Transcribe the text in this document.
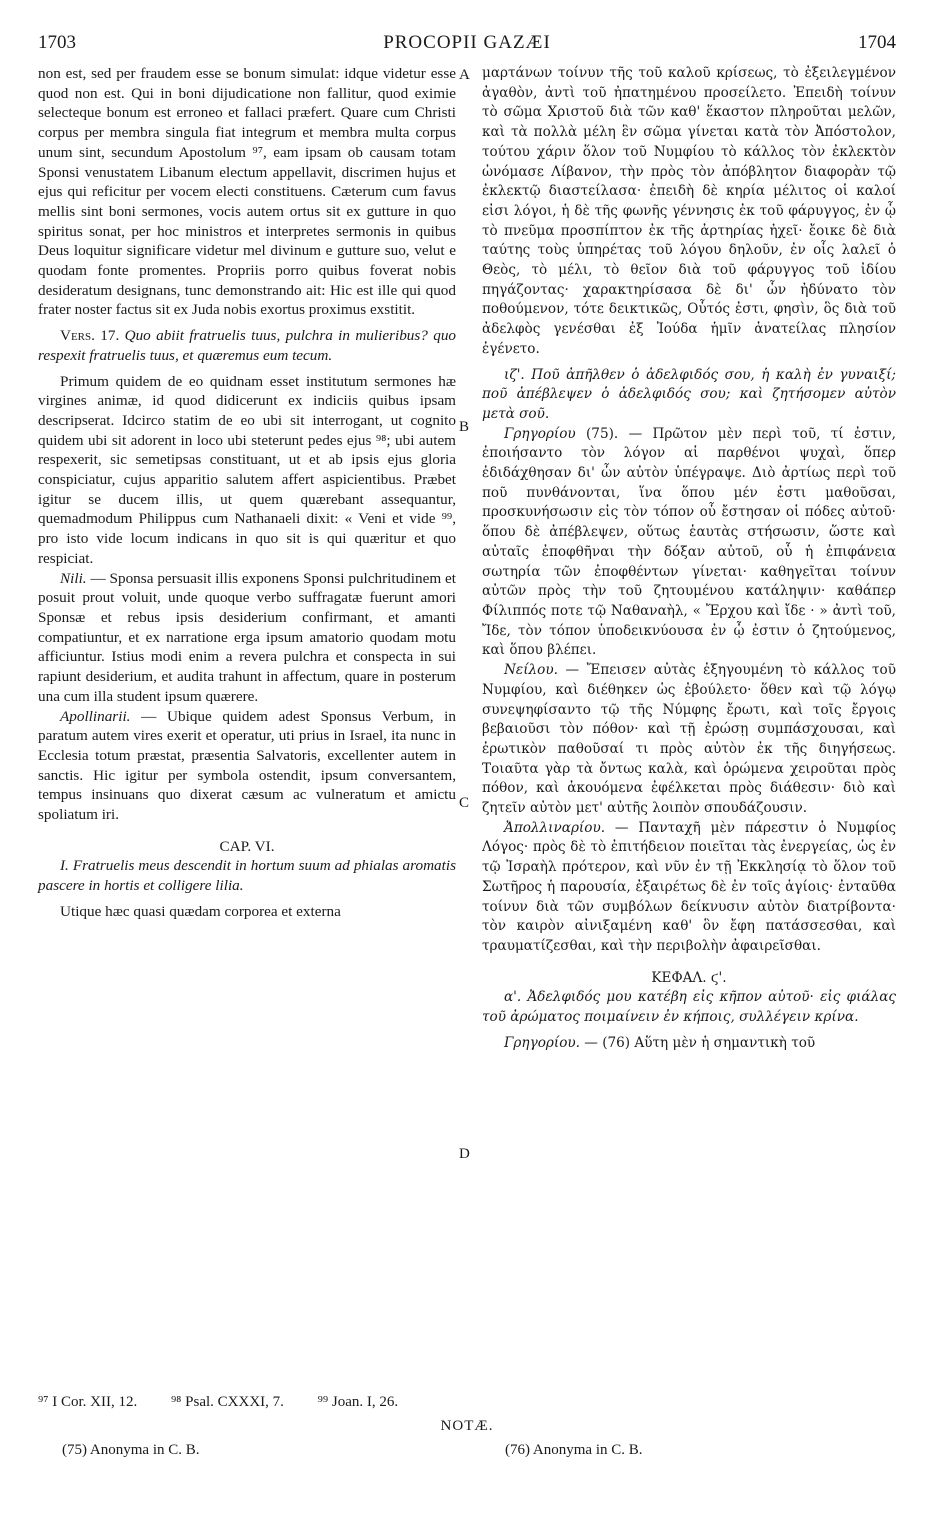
1703	PROCOPII GAZÆI	1704
A
B
C
D

non est, sed per fraudem esse se bonum simulat: idque videtur esse quod non est. Qui in boni dijudicatione non fallitur, quod eximie selecteque bonum est erroneo et fallaci præfert. Quare cum Christi corpus per membra singula fiat integrum et membra multa corpus unum sint, secundum Apostolum ⁹⁷, eam ipsam ob causam totam Sponsi venustatem Libanum electum appellavit, discrimen hujus et ejus qui reficitur per vocem electi constituens. Cæterum cum favus mellis sint boni sermones, vocis autem ortus sit ex gutture in quo spiritus sonat, per hoc ministros et interpretes sermonis in quibus Deus loquitur significare videtur mel divinum e gutture suo, velut e quodam fonte promentes. Propriis porro quibus foverat nobis desideratum designans, tunc demonstrando ait: Hic est ille qui quod frater noster factus sit ex Juda nobis exortus proximus exstitit.

Vers. 17. Quo abiit fratruelis tuus, pulchra in mulieribus? quo respexit fratruelis tuus, et quæremus eum tecum.

Primum quidem de eo quidnam esset institutum sermones hæ virgines animæ, id quod didicerunt ex indiciis quibus ipsam descripserat. Idcirco statim de eo ubi sit interrogant, ut cognito quidem ubi sit adorent in loco ubi steterunt pedes ejus ⁹⁸; ubi autem respexerit, sic semetipsas constituant, ut et ab ipsis ejus gloria conspiciatur, cujus apparitio salutem affert aspicientibus. Præbet igitur se ducem illis, ut quem quærebant assequantur, quemadmodum Philippus cum Nathanaeli dixit: « Veni et vide ⁹⁹, pro isto vide locum indicans in quo sit is qui quæritur et quo respiciat.

Nili. — Sponsa persuasit illis exponens Sponsi pulchritudinem et posuit prout voluit, unde quoque verbo suffragatæ fuerunt amori Sponsæ et rebus ipsis desiderium confirmant, et amanti compatiuntur, et ex narratione erga ipsum amatorio quodam motu afficiuntur. Istius modi enim a revera pulchra et conspecta in sui rapiunt desiderium, et audita trahunt in affectum, quare in posterum una cum illa student ipsum quærere.

Apollinarii. — Ubique quidem adest Sponsus Verbum, in paratum autem vires exerit et operatur, uti prius in Israel, ita nunc in Ecclesia totum præstat, præsentia Salvatoris, excellenter autem in sanctis. Hic igitur per symbola ostendit, ipsum conversantem, tempus insinuans quo dixerat cæsum ac vulneratum et amictu spoliatum iri.

CAP. VI.

I. Fratruelis meus descendit in hortum suum ad phialas aromatis pascere in hortis et colligere lilia.

Utique hæc quasi quædam corporea et externa

μαρτάνων τοίνυν τῆς τοῦ καλοῦ κρίσεως, τὸ ἐξειλεγμένον ἀγαθὸν, ἀντὶ τοῦ ἠπατημένου προσείλετο. Ἐπειδὴ τοίνυν τὸ σῶμα Χριστοῦ διὰ τῶν καθ' ἕκαστον πληροῦται μελῶν, καὶ τὰ πολλὰ μέλη ἓν σῶμα γίνεται κατὰ τὸν Ἀπόστολον, τούτου χάριν ὅλον τοῦ Νυμφίου τὸ κάλλος τὸν ἐκλεκτὸν ὠνόμασε Λίβανον, τὴν πρὸς τὸν ἀπόβλητον διαφορὰν τῷ ἐκλεκτῷ διαστείλασα· ἐπειδὴ δὲ κηρία μέλιτος οἱ καλοί εἰσι λόγοι, ἡ δὲ τῆς φωνῆς γέννησις ἐκ τοῦ φάρυγγος, ἐν ᾧ τὸ πνεῦμα προσπίπτον ἐκ τῆς ἀρτηρίας ἠχεῖ· ἔοικε δὲ διὰ ταύτης τοὺς ὑπηρέτας τοῦ λόγου δηλοῦν, ἐν οἷς λαλεῖ ὁ Θεὸς, τὸ μέλι, τὸ θεῖον διὰ τοῦ φάρυγγος τοῦ ἰδίου πηγάζοντας· χαρακτηρίσασα δὲ δι' ὧν ἠδύνατο τὸν ποθούμενον, τότε δεικτικῶς, Οὗτός ἐστι, φησὶν, ὃς διὰ τοῦ ἀδελφὸς γενέσθαι ἐξ Ἰούδα ἡμῖν ἀνατείλας πλησίον ἐγένετο.

ιζ'. Ποῦ ἀπῆλθεν ὁ ἀδελφιδός σου, ἡ καλὴ ἐν γυναιξί; ποῦ ἀπέβλεψεν ὁ ἀδελφιδός σου; καὶ ζητήσομεν αὐτὸν μετὰ σοῦ.

Γρηγορίου (75). — Πρῶτον μὲν περὶ τοῦ, τί ἐστιν, ἐποιήσαντο τὸν λόγον αἱ παρθένοι ψυχαὶ, ὅπερ ἐδιδάχθησαν δι' ὧν αὐτὸν ὑπέγραψε. Διὸ ἀρτίως περὶ τοῦ ποῦ πυνθάνονται, ἵνα ὅπου μέν ἐστι μαθοῦσαι, προσκυνήσωσιν εἰς τὸν τόπον οὗ ἔστησαν οἱ πόδες αὐτοῦ· ὅπου δὲ ἀπέβλεψεν, οὕτως ἑαυτὰς στήσωσιν, ὥστε καὶ αὐταῖς ἐποφθῆναι τὴν δόξαν αὐτοῦ, οὗ ἡ ἐπιφάνεια σωτηρία τῶν ἐποφθέντων γίνεται· καθηγεῖται τοίνυν αὐτῶν πρὸς τὴν τοῦ ζητουμένου κατάληψιν· καθάπερ Φίλιππός ποτε τῷ Ναθαναὴλ, « Ἔρχου καὶ ἴδε · » ἀντὶ τοῦ, Ἴδε, τὸν τόπον ὑποδεικνύουσα ἐν ᾧ ἐστιν ὁ ζητούμενος, καὶ ὅπου βλέπει.

Νείλου. — Ἔπεισεν αὐτὰς ἐξηγουμένη τὸ κάλλος τοῦ Νυμφίου, καὶ διέθηκεν ὡς ἐβούλετο· ὅθεν καὶ τῷ λόγῳ συνεψηφίσαντο τῷ τῆς Νύμφης ἔρωτι, καὶ τοῖς ἔργοις βεβαιοῦσι τὸν πόθον· καὶ τῇ ἐρώσῃ συμπάσχουσαι, καὶ ἐρωτικὸν παθοῦσαί τι πρὸς αὐτὸν ἐκ τῆς διηγήσεως. Τοιαῦτα γὰρ τὰ ὄντως καλὰ, καὶ ὁρώμενα χειροῦται πρὸς πόθον, καὶ ἀκουόμενα ἐφέλκεται πρὸς διάθεσιν· διὸ καὶ ζητεῖν αὐτὸν μετ' αὐτῆς λοιπὸν σπουδάζουσιν.

Ἀπολλιναρίου. — Πανταχῆ μὲν πάρεστιν ὁ Νυμφίος Λόγος· πρὸς δὲ τὸ ἐπιτήδειον ποιεῖται τὰς ἐνεργείας, ὡς ἐν τῷ Ἰσραὴλ πρότερον, καὶ νῦν ἐν τῇ Ἐκκλησίᾳ τὸ ὅλον τοῦ Σωτῆρος ἡ παρουσία, ἐξαιρέτως δὲ ἐν τοῖς ἁγίοις· ἐνταῦθα τοίνυν διὰ τῶν συμβόλων δείκνυσιν αὐτὸν διατρίβοντα· τὸν καιρὸν αἰνιξαμένη καθ' ὃν ἔφη πατάσσεσθαι, καὶ τραυματίζεσθαι, καὶ τὴν περιβολὴν ἀφαιρεῖσθαι.

ΚΕΦΑΛ. ϛ'.

α'. Ἀδελφιδός μου κατέβη εἰς κῆπον αὐτοῦ· εἰς φιάλας τοῦ ἀρώματος ποιμαίνειν ἐν κήποις, συλλέγειν κρίνα.

Γρηγορίου. — (76) Αὕτη μὲν ἡ σημαντικὴ τοῦ

⁹⁷ I Cor. XII, 12. ⁹⁸ Psal. CXXXI, 7. ⁹⁹ Joan. I, 26.
NOTÆ.
(75) Anonyma in C. B.	(76) Anonyma in C. B.
